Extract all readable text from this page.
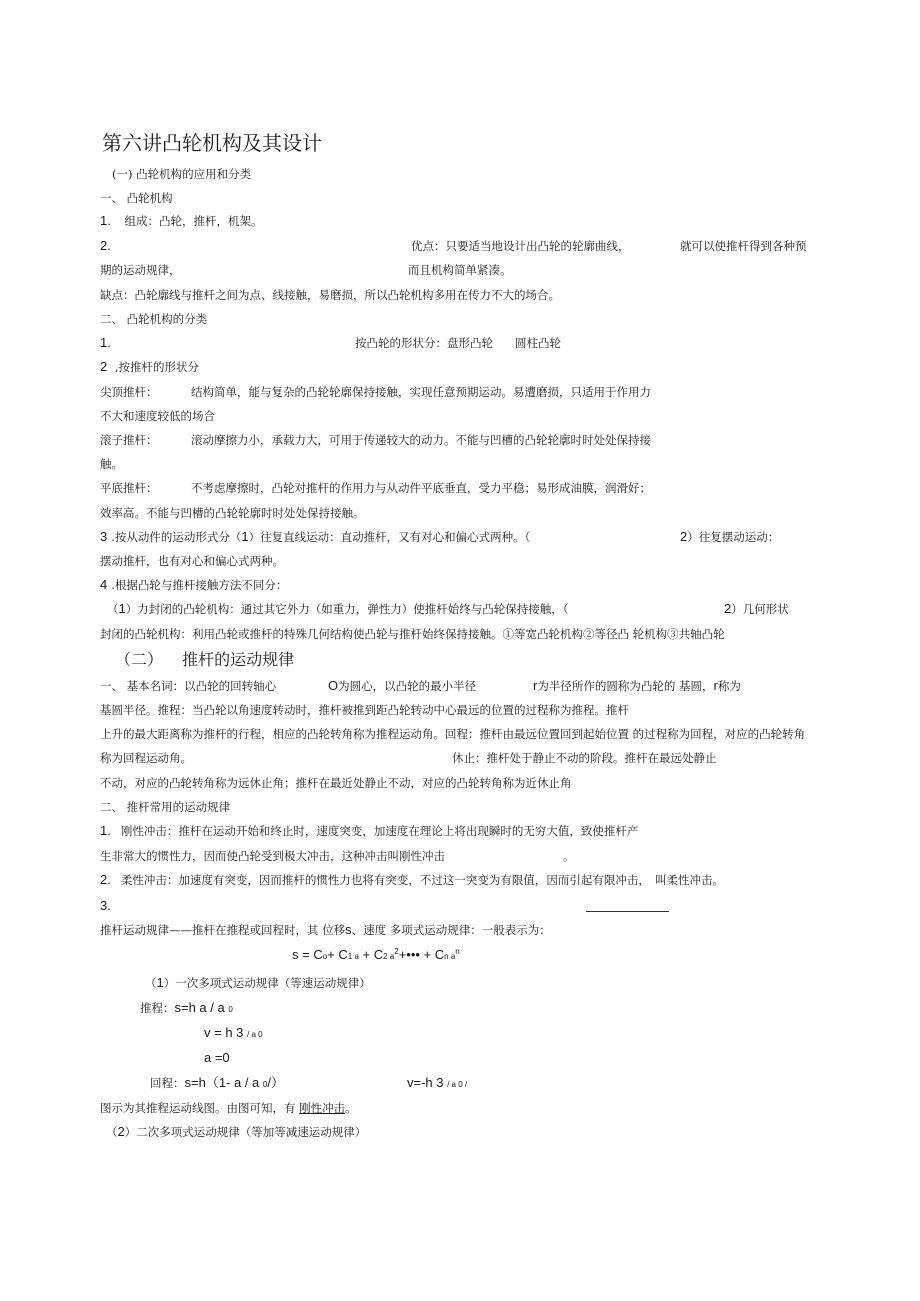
第六讲凸轮机构及其设计
(一) 凸轮机构的应用和分类
一、 凸轮机构
1. 组成：凸轮，推杆，机架。
2.	优点：只要适当地设计出凸轮的轮廓曲线，	就可以使推杆得到各种预
期的运动规律，	而且机构简单紧凑。
缺点：凸轮廓线与推杆之间为点、线接触，易磨损，所以凸轮机构多用在传力不大的场合。
二、 凸轮机构的分类
1.	按凸轮的形状分：盘形凸轮 圆柱凸轮
2 ,按推杆的形状分
尖顶推杆：	结构简单，能与复杂的凸轮轮廓保持接触，实现任意预期运动。易遭磨损，只适用于作用力
不大和速度较低的场合
滚子推杆：	滚动摩擦力小，承载力大，可用于传递较大的动力。不能与凹槽的凸轮轮廓时时处处保持接
触。
平底推杆：	不考虑摩擦时，凸轮对推杆的作用力与从动件平底垂直，受力平稳；易形成油膜，润滑好；
效率高。不能与凹槽的凸轮轮廓时时处处保持接触。
3 .按从动件的运动形式分（1）往复直线运动：直动推杆，又有对心和偏心式两种。（	2）往复摆动运动：
摆动推杆，也有对心和偏心式两种。
4 .根据凸轮与推杆接触方法不同分：
（1）力封闭的凸轮机构：通过其它外力（如重力，弹性力）使推杆始终与凸轮保持接触，（	2）几何形状
封闭的凸轮机构：利用凸轮或推杆的特殊几何结构使凸轮与推杆始终保持接触。①等宽凸轮机构②等径凸 轮机构③共轴凸轮
（二） 推杆的运动规律
一、 基本名词：以凸轮的回转轴心	O为圆心，以凸轮的最小半径	r为半径所作的圆称为凸轮的 基圆，r称为
基圆半径。推程：当凸轮以角速度转动时，推杆被推到距凸轮转动中心最远的位置的过程称为推程。推杆
上升的最大距离称为推杆的行程，相应的凸轮转角称为推程运动角。回程：推杆由最远位置回到起始位置 的过程称为回程，对应的凸轮转角
称为回程运动角。	休止：推杆处于静止不动的阶段。推杆在最远处静止
不动，对应的凸轮转角称为远休止角；推杆在最近处静止不动，对应的凸轮转角称为近休止角
二、 推杆常用的运动规律
1. 刚性冲击：推杆在运动开始和终止时，速度突变，加速度在理论上将出现瞬时的无穷大值，致使推杆产
生非常大的惯性力，因而使凸轮受到极大冲击，这种冲击叫刚性冲击	。
2. 柔性冲击：加速度有突变，因而推杆的惯性力也将有突变，不过这一突变为有限值，因而引起有限冲击， 叫柔性冲击。
3.
推杆运动规律——推杆在推程或回程时，其 位移s、速度 多项式运动规律：一般表示为：
s = Co+ C1 a + C2 $a^2+••• + Cn$ $a^n$
（1）一次多项式运动规律（等速运动规律）
推程：s=h a / a 0
v = h 3 / a 0
a =0
回程：s=h（1- a / a 0/）	v=-h 3 / a 0 /
图示为其推程运动线图。由图可知，有 刚性冲击。
（2）二次多项式运动规律（等加等减速运动规律）
